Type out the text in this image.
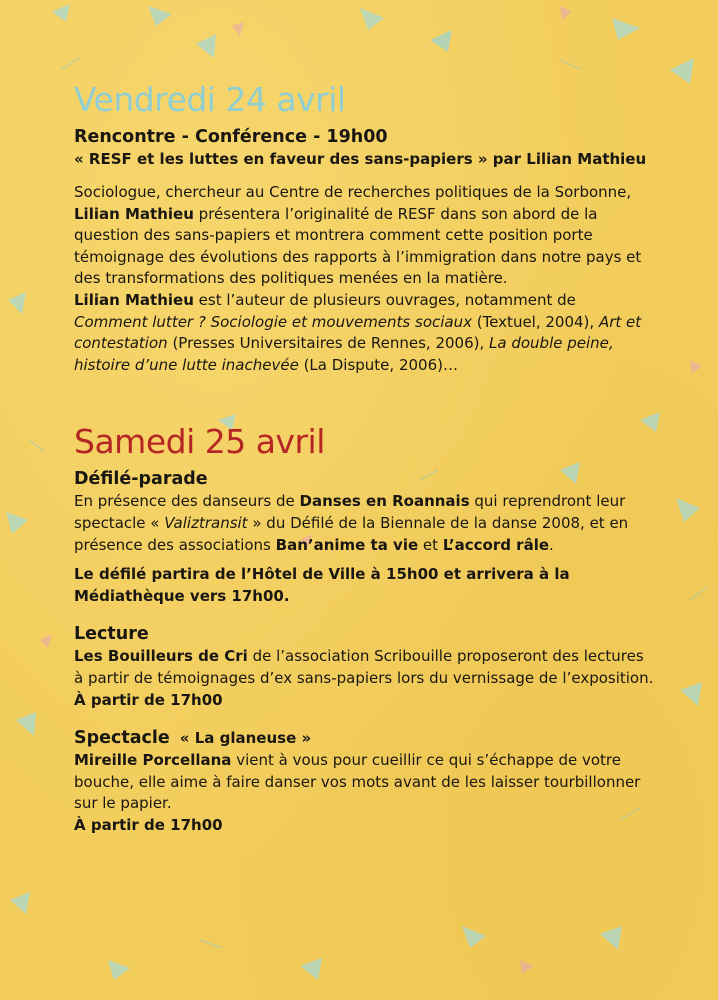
Vendredi 24 avril
Rencontre - Conférence - 19h00
« RESF et les luttes en faveur des sans-papiers » par Lilian Mathieu

Sociologue, chercheur au Centre de recherches politiques de la Sorbonne,
Lilian Mathieu présentera l’originalité de RESF dans son abord de la question des sans-papiers et montrera comment cette position porte témoignage des évolutions des rapports à l’immigration dans notre pays et des transformations des politiques menées en la matière.

Lilian Mathieu est l’auteur de plusieurs ouvrages, notamment de Comment lutter ? Sociologie et mouvements sociaux (Textuel, 2004), Art et contestation (Presses Universitaires de Rennes, 2006), La double peine, histoire d’une lutte inachevée (La Dispute, 2006)…

Samedi 25 avril
Défilé-parade

En présence des danseurs de Danses en Roannais qui reprendront leur spectacle « Valiztransit » du Défilé de la Biennale de la danse 2008, et en présence des associations Ban’anime ta vie et L’accord râle.

Le défilé partira de l’Hôtel de Ville à 15h00 et arrivera à la Médiathèque vers 17h00.

Lecture

Les Bouilleurs de Cri de l’association Scribouille proposeront des lectures à partir de témoignages d’ex sans-papiers lors du vernissage de l’exposition.

À partir de 17h00

Spectacle « La glaneuse »

Mireille Porcellana vient à vous pour cueillir ce qui s’échappe de votre bouche, elle aime à faire danser vos mots avant de les laisser tourbillonner sur le papier.

À partir de 17h00
